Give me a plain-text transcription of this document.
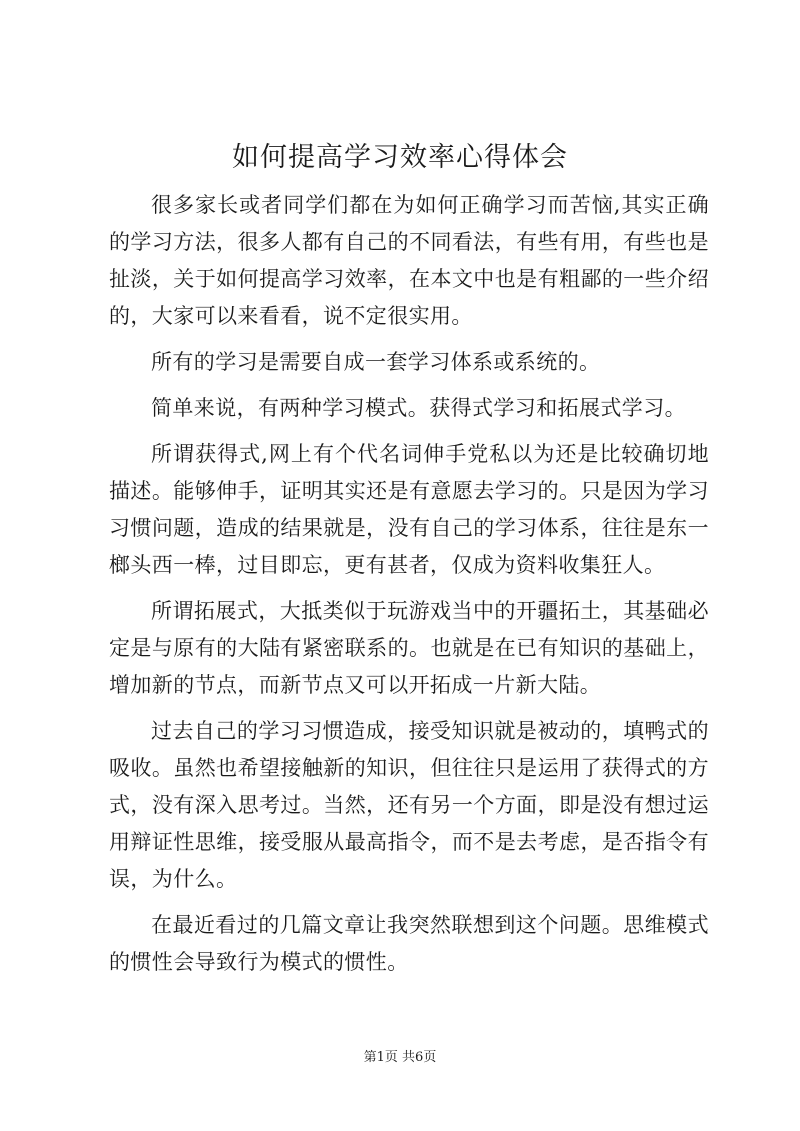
如何提高学习效率心得体会

很多家长或者同学们都在为如何正确学习而苦恼,其实正确的学习方法，很多人都有自己的不同看法，有些有用，有些也是扯淡，关于如何提高学习效率，在本文中也是有粗鄙的一些介绍的，大家可以来看看，说不定很实用。

所有的学习是需要自成一套学习体系或系统的。

简单来说，有两种学习模式。获得式学习和拓展式学习。

所谓获得式,网上有个代名词伸手党私以为还是比较确切地描述。能够伸手，证明其实还是有意愿去学习的。只是因为学习习惯问题，造成的结果就是，没有自己的学习体系，往往是东一榔头西一棒，过目即忘，更有甚者，仅成为资料收集狂人。

所谓拓展式，大抵类似于玩游戏当中的开疆拓土，其基础必定是与原有的大陆有紧密联系的。也就是在已有知识的基础上，增加新的节点，而新节点又可以开拓成一片新大陆。

过去自己的学习习惯造成，接受知识就是被动的，填鸭式的吸收。虽然也希望接触新的知识，但往往只是运用了获得式的方式，没有深入思考过。当然，还有另一个方面，即是没有想过运用辩证性思维，接受服从最高指令，而不是去考虑，是否指令有误，为什么。

在最近看过的几篇文章让我突然联想到这个问题。思维模式的惯性会导致行为模式的惯性。

第1页 共6页
